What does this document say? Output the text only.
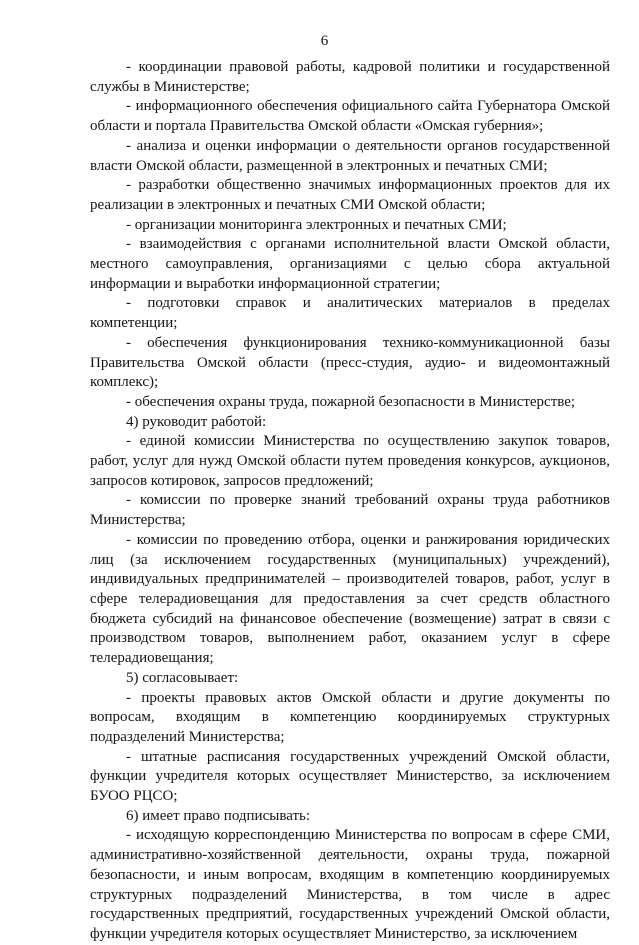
6

- координации правовой работы, кадровой политики и государственной службы в Министерстве;

- информационного обеспечения официального сайта Губернатора Омской области и портала Правительства Омской области «Омская губерния»;

- анализа и оценки информации о деятельности органов государственной власти Омской области, размещенной в электронных и печатных СМИ;

- разработки общественно значимых информационных проектов для их реализации в электронных и печатных СМИ Омской области;

- организации мониторинга электронных и печатных СМИ;

- взаимодействия с органами исполнительной власти Омской области, местного самоуправления, организациями с целью сбора актуальной информации и выработки информационной стратегии;

- подготовки справок и аналитических материалов в пределах компетенции;

- обеспечения функционирования технико-коммуникационной базы Правительства Омской области (пресс-студия, аудио- и видеомонтажный комплекс);

- обеспечения охраны труда, пожарной безопасности в Министерстве;

4) руководит работой:

- единой комиссии Министерства по осуществлению закупок товаров, работ, услуг для нужд Омской области путем проведения конкурсов, аукционов, запросов котировок, запросов предложений;

- комиссии по проверке знаний требований охраны труда работников Министерства;

- комиссии по проведению отбора, оценки и ранжирования юридических лиц (за исключением государственных (муниципальных) учреждений), индивидуальных предпринимателей – производителей товаров, работ, услуг в сфере телерадиовещания для предоставления за счет средств областного бюджета субсидий на финансовое обеспечение (возмещение) затрат в связи с производством товаров, выполнением работ, оказанием услуг в сфере телерадиовещания;

5) согласовывает:

- проекты правовых актов Омской области и другие документы по вопросам, входящим в компетенцию координируемых структурных подразделений Министерства;

- штатные расписания государственных учреждений Омской области, функции учредителя которых осуществляет Министерство, за исключением БУОО РЦСО;

6) имеет право подписывать:

- исходящую корреспонденцию Министерства по вопросам в сфере СМИ, административно-хозяйственной деятельности, охраны труда, пожарной безопасности, и иным вопросам, входящим в компетенцию координируемых структурных подразделений Министерства, в том числе в адрес государственных предприятий, государственных учреждений Омской области, функции учредителя которых осуществляет Министерство, за исключением
